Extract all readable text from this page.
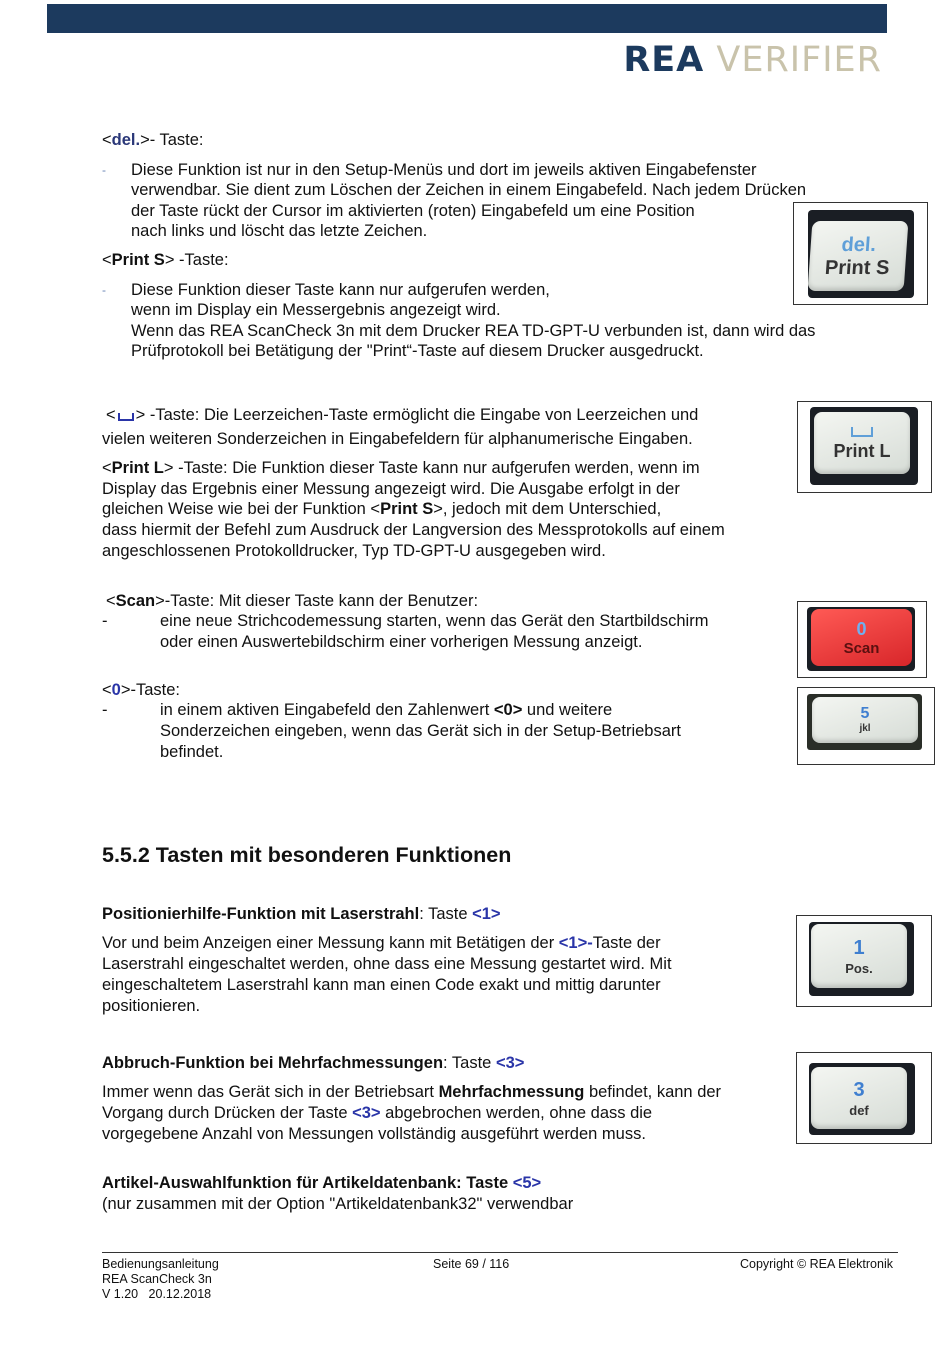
REA VERIFIER
<del.>- Taste:
- Diese Funktion ist nur in den Setup-Menüs und dort im jeweils aktiven Eingabefenster
verwendbar. Sie dient zum Löschen der Zeichen in einem Eingabefeld. Nach jedem Drücken
der Taste rückt der Cursor im aktivierten (roten) Eingabefeld um eine Position
nach links und löscht das letzte Zeichen.
<Print S> -Taste:
- Diese Funktion dieser Taste kann nur aufgerufen werden,
wenn im Display ein Messergebnis angezeigt wird.
Wenn das REA ScanCheck 3n mit dem Drucker REA TD-GPT-U verbunden ist, dann wird das
Prüfprotokoll bei Betätigung der "Print“-Taste auf diesem Drucker ausgedruckt.
del.
Print S
< > -Taste: Die Leerzeichen-Taste ermöglicht die Eingabe von Leerzeichen und
vielen weiteren Sonderzeichen in Eingabefeldern für alphanumerische Eingaben.
<Print L> -Taste: Die Funktion dieser Taste kann nur aufgerufen werden, wenn im
Display das Ergebnis einer Messung angezeigt wird. Die Ausgabe erfolgt in der
gleichen Weise wie bei der Funktion <Print S>, jedoch mit dem Unterschied,
dass hiermit der Befehl zum Ausdruck der Langversion des Messprotokolls auf einem
angeschlossenen Protokolldrucker, Typ TD-GPT-U ausgegeben wird.
Print L
<Scan>-Taste: Mit dieser Taste kann der Benutzer:
-	eine neue Strichcodemessung starten, wenn das Gerät den Startbildschirm
oder einen Auswertebildschirm einer vorherigen Messung anzeigt.
0
Scan
<0>-Taste:
-	in einem aktiven Eingabefeld den Zahlenwert <0> und weitere
Sonderzeichen eingeben, wenn das Gerät sich in der Setup-Betriebsart
befindet.
5
jkl
5.5.2 Tasten mit besonderen Funktionen
Positionierhilfe-Funktion mit Laserstrahl: Taste <1>
Vor und beim Anzeigen einer Messung kann mit Betätigen der <1>-Taste der
Laserstrahl eingeschaltet werden, ohne dass eine Messung gestartet wird. Mit
eingeschaltetem Laserstrahl kann man einen Code exakt und mittig darunter
positionieren.
1
Pos.
Abbruch-Funktion bei Mehrfachmessungen: Taste <3>
Immer wenn das Gerät sich in der Betriebsart Mehrfachmessung befindet, kann der
Vorgang durch Drücken der Taste <3> abgebrochen werden, ohne dass die
vorgegebene Anzahl von Messungen vollständig ausgeführt werden muss.
3
def
Artikel-Auswahlfunktion für Artikeldatenbank: Taste <5>
(nur zusammen mit der Option "Artikeldatenbank32" verwendbar
Bedienungsanleitung
REA ScanCheck 3n
V 1.20   20.12.2018
Seite 69 / 116	Copyright © REA Elektronik
